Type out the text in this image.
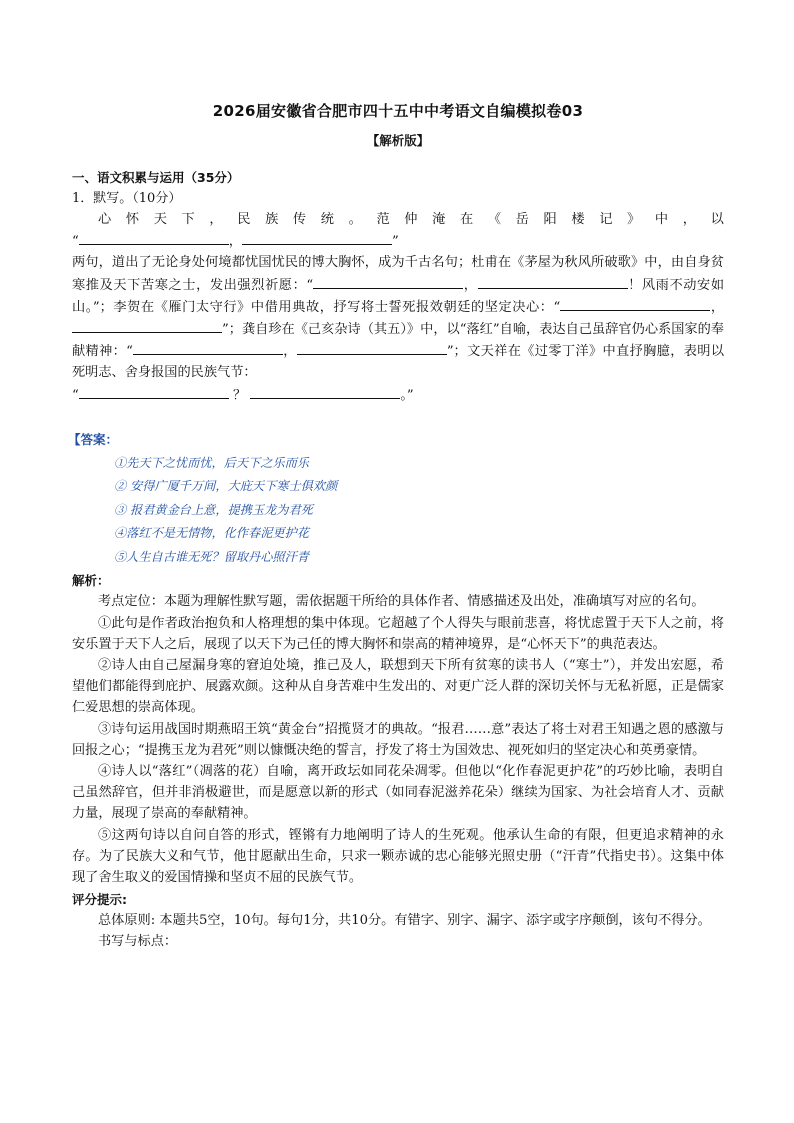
2026届安徽省合肥市四十五中中考语文自编模拟卷03

【解析版】

一、语文积累与运用（35分）

1．默写。（10分）

心 怀 天 下 ， 民 族 传 统 。 范 仲 淹 在 《 岳 阳 楼 记 》 中 ， 以
“	，	”
两句，道出了无论身处何境都忧国忧民的博大胸怀，成为千古名句；杜甫在《茅屋为秋风所破歌》中，由自身贫寒推及天下苦寒之士，发出强烈祈愿：“	，	！风雨不动安如山。”；李贺在《雁门太守行》中借用典故，抒写将士誓死报效朝廷的坚定决心：“	，”；龚自珍在《己亥杂诗（其五）》中，以“落红”自喻，表达自己虽辞官仍心系国家的奉献精神：“	，	”；文天祥在《过零丁洋》中直抒胸臆，表明以死明志、舍身报国的民族气节：
“	？	。”

【答案：

①先天下之忧而忧，后天下之乐而乐
② 安得广厦千万间，大庇天下寒士俱欢颜
③ 报君黄金台上意，提携玉龙为君死
④落红不是无情物，化作春泥更护花
⑤人生自古谁无死？留取丹心照汗青

解析：

考点定位：本题为理解性默写题，需依据题干所给的具体作者、情感描述及出处，准确填写对应的名句。

①此句是作者政治抱负和人格理想的集中体现。它超越了个人得失与眼前悲喜，将忧虑置于天下人之前，将安乐置于天下人之后，展现了以天下为己任的博大胸怀和崇高的精神境界，是“心怀天下”的典范表达。

②诗人由自己屋漏身寒的窘迫处境，推己及人，联想到天下所有贫寒的读书人（“寒士”），并发出宏愿，希望他们都能得到庇护、展露欢颜。这种从自身苦难中生发出的、对更广泛人群的深切关怀与无私祈愿，正是儒家仁爱思想的崇高体现。

③诗句运用战国时期燕昭王筑“黄金台”招揽贤才的典故。“报君……意”表达了将士对君王知遇之恩的感激与回报之心；“提携玉龙为君死”则以慷慨决绝的誓言，抒发了将士为国效忠、视死如归的坚定决心和英勇豪情。

④诗人以“落红”（凋落的花）自喻，离开政坛如同花朵凋零。但他以“化作春泥更护花”的巧妙比喻，表明自己虽然辞官，但并非消极避世，而是愿意以新的形式（如同春泥滋养花朵）继续为国家、为社会培育人才、贡献力量，展现了崇高的奉献精神。

⑤这两句诗以自问自答的形式，铿锵有力地阐明了诗人的生死观。他承认生命的有限，但更追求精神的永存。为了民族大义和气节，他甘愿献出生命，只求一颗赤诚的忠心能够光照史册（“汗青”代指史书）。这集中体现了舍生取义的爱国情操和坚贞不屈的民族气节。

评分提示:

总体原则: 本题共5空，10句。每句1分，共10分。有错字、别字、漏字、添字或字序颠倒，该句不得分。

书写与标点：
